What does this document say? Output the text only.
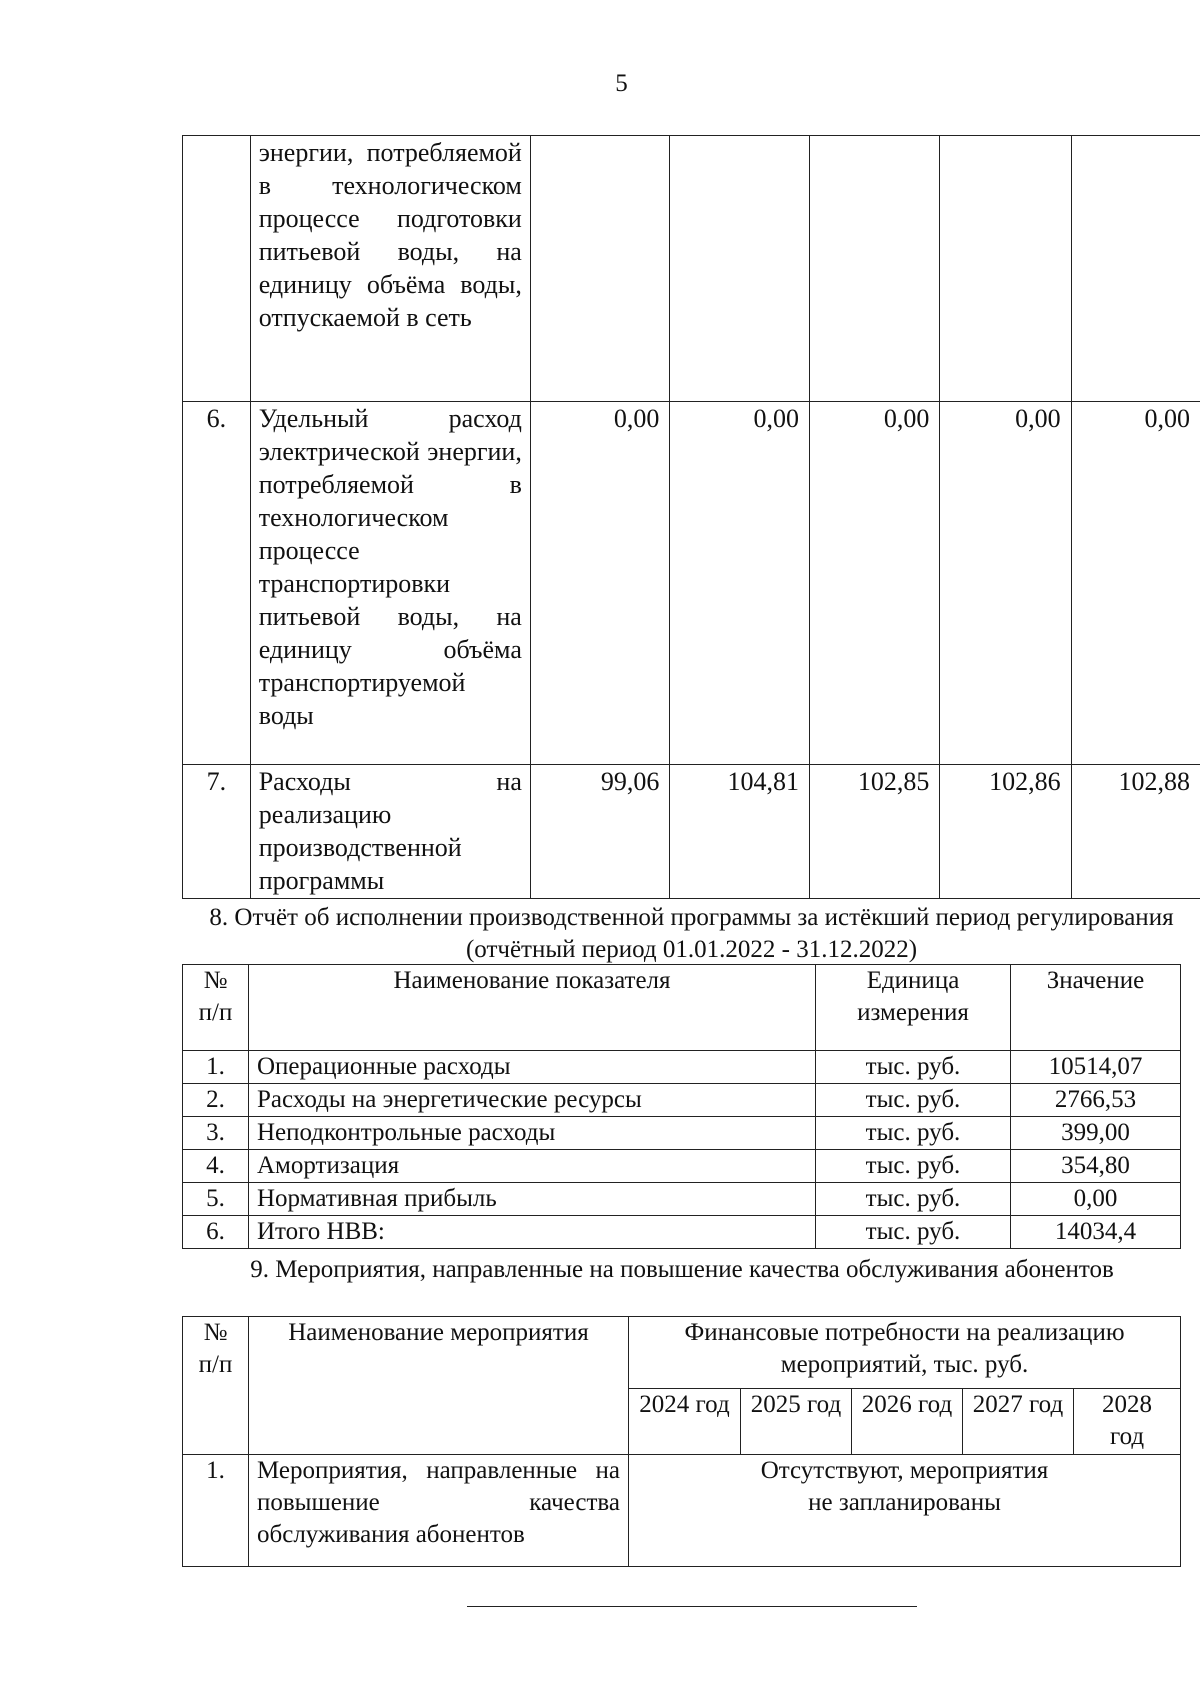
5
	энергии, потребляемой в технологическом процессе подготовки питьевой воды, на единицу объёма воды, отпускаемой в сеть					
6.	Удельный расход электрической энергии, потребляемой в технологическом процессе транспортировки питьевой воды, на единицу объёма транспортируемой воды	0,00	0,00	0,00	0,00	0,00
7.	Расходы на реализацию производственной программы	99,06	104,81	102,85	102,86	102,88
8. Отчёт об исполнении производственной программы за истёкший период регулирования (отчётный период 01.01.2022 - 31.12.2022)
№ п/п	Наименование показателя	Единица измерения	Значение
1.	Операционные расходы	тыс. руб.	10514,07
2.	Расходы на энергетические ресурсы	тыс. руб.	2766,53
3.	Неподконтрольные расходы	тыс. руб.	399,00
4.	Амортизация	тыс. руб.	354,80
5.	Нормативная прибыль	тыс. руб.	0,00
6.	Итого НВВ:	тыс. руб.	14034,4
9. Мероприятия, направленные на повышение качества обслуживания абонентов
№ п/п	Наименование мероприятия	Финансовые потребности на реализацию мероприятий, тыс. руб.				
		2024 год	2025 год	2026 год	2027 год	2028 год
1.	Мероприятия, направленные на повышение качества обслуживания абонентов	Отсутствуют, мероприятия не запланированы				
